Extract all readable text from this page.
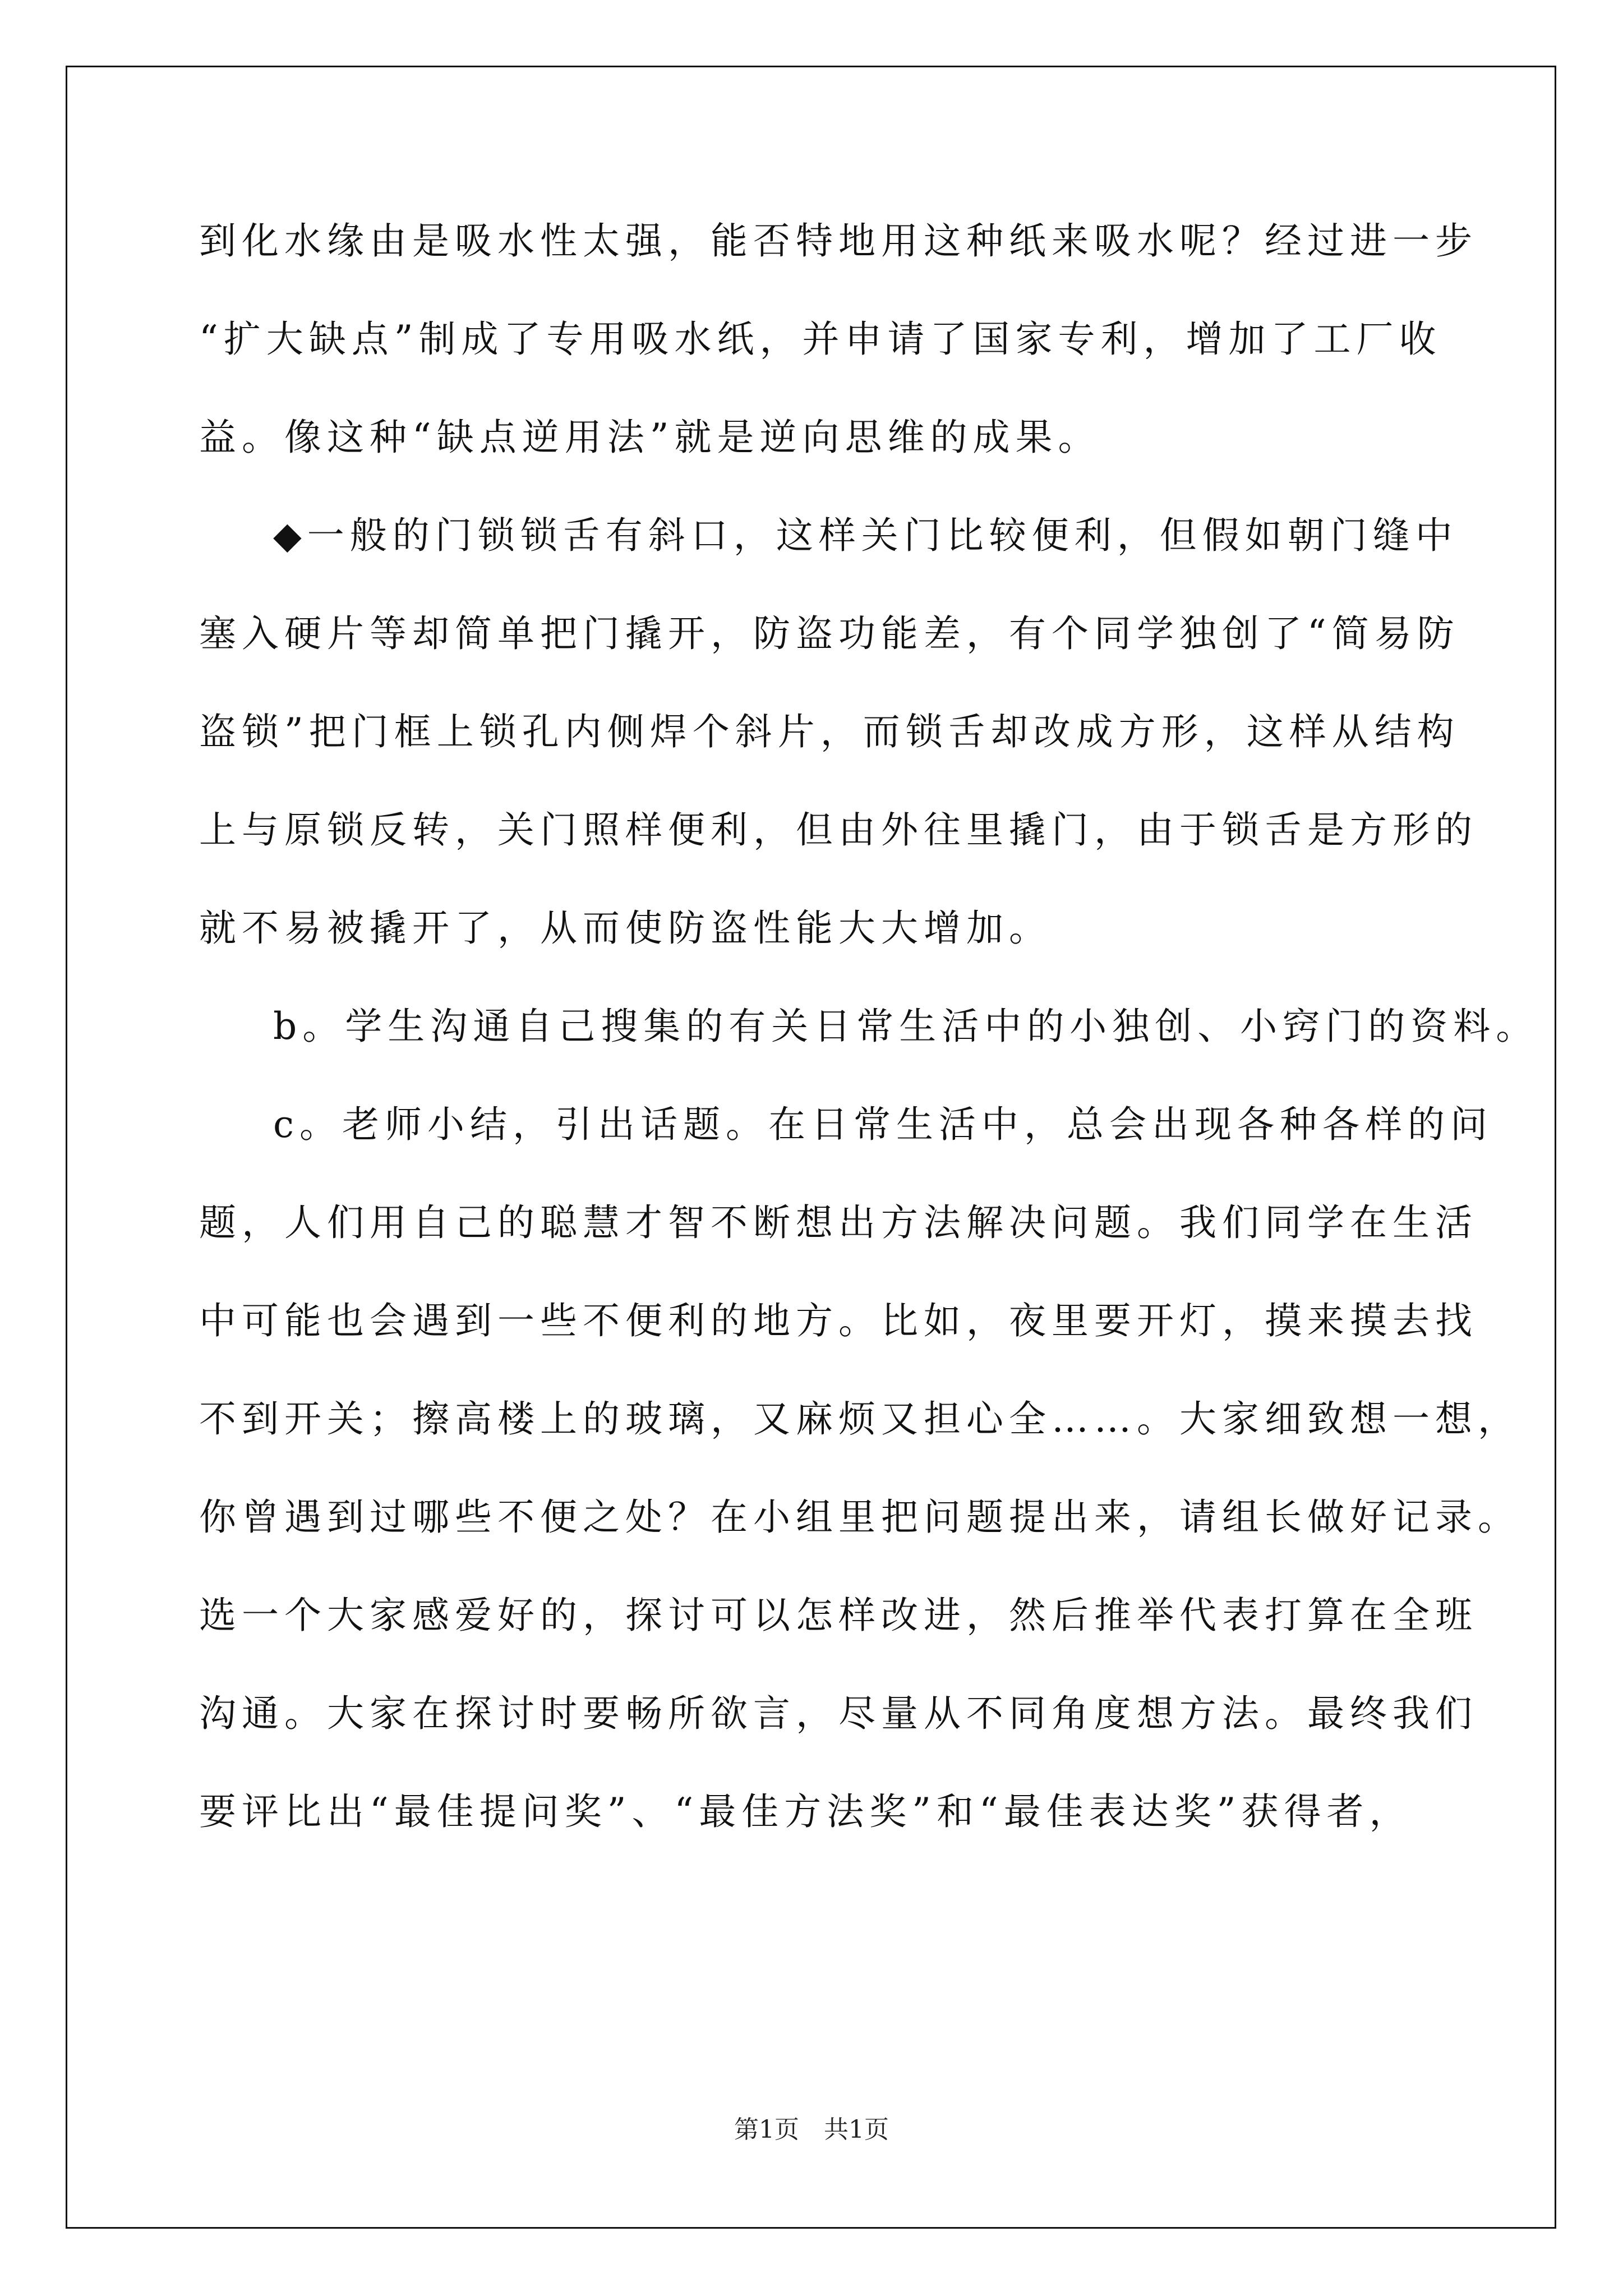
到化水缘由是吸水性太强，能否特地用这种纸来吸水呢？经过进一步
“扩大缺点”制成了专用吸水纸，并申请了国家专利，增加了工厂收
益。像这种“缺点逆用法”就是逆向思维的成果。
◆一般的门锁锁舌有斜口，这样关门比较便利，但假如朝门缝中
塞入硬片等却简单把门撬开，防盗功能差，有个同学独创了“简易防
盗锁”把门框上锁孔内侧焊个斜片，而锁舌却改成方形，这样从结构
上与原锁反转，关门照样便利，但由外往里撬门，由于锁舌是方形的
就不易被撬开了，从而使防盗性能大大增加。
b。学生沟通自己搜集的有关日常生活中的小独创、小窍门的资料。
c。老师小结，引出话题。在日常生活中，总会出现各种各样的问
题，人们用自己的聪慧才智不断想出方法解决问题。我们同学在生活
中可能也会遇到一些不便利的地方。比如，夜里要开灯，摸来摸去找
不到开关；擦高楼上的玻璃，又麻烦又担心全……。大家细致想一想，
你曾遇到过哪些不便之处？在小组里把问题提出来，请组长做好记录。
选一个大家感爱好的，探讨可以怎样改进，然后推举代表打算在全班
沟通。大家在探讨时要畅所欲言，尽量从不同角度想方法。最终我们
要评比出“最佳提问奖”、“最佳方法奖”和“最佳表达奖”获得者，
第1页　共1页
